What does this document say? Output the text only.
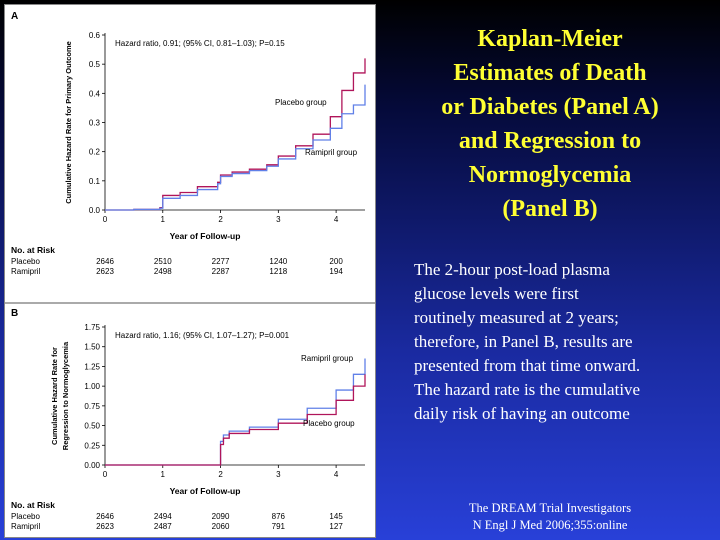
A
0.0
0.1
0.2
0.3
0.4
0.5
0.6
0	1	2	3	4
Year of Follow-up
Cumulative Hazard Rate for Primary Outcome	Hazard ratio, 0.91; (95% CI, 0.81–1.03); P=0.15
Placebo group
Ramipril group
No. at Risk
Placebo	2646	2510	2277	1240	200
Ramipril	2623	2498	2287	1218	194
B
0.00
0.25
0.50
0.75
1.00
1.25
1.50
1.75
0	1	2	3	4
Year of Follow-up
Cumulative Hazard Rate for Regression to Normoglycemia
Hazard ratio, 1.16; (95% CI, 1.07–1.27); P=0.001
Ramipril group
Placebo group
No. at Risk
Placebo	2646	2494	2090	876	145
Ramipril	2623	2487	2060	791	127
Kaplan-Meier
Estimates of Death
or Diabetes (Panel A)
and Regression to
Normoglycemia
(Panel B)
The 2-hour post-load plasma
glucose levels were first
routinely measured at 2 years;
therefore, in Panel B, results are
presented from that time onward.
The hazard rate is the cumulative
daily risk of having an outcome
The DREAM Trial Investigators
N Engl J Med 2006;355:online
